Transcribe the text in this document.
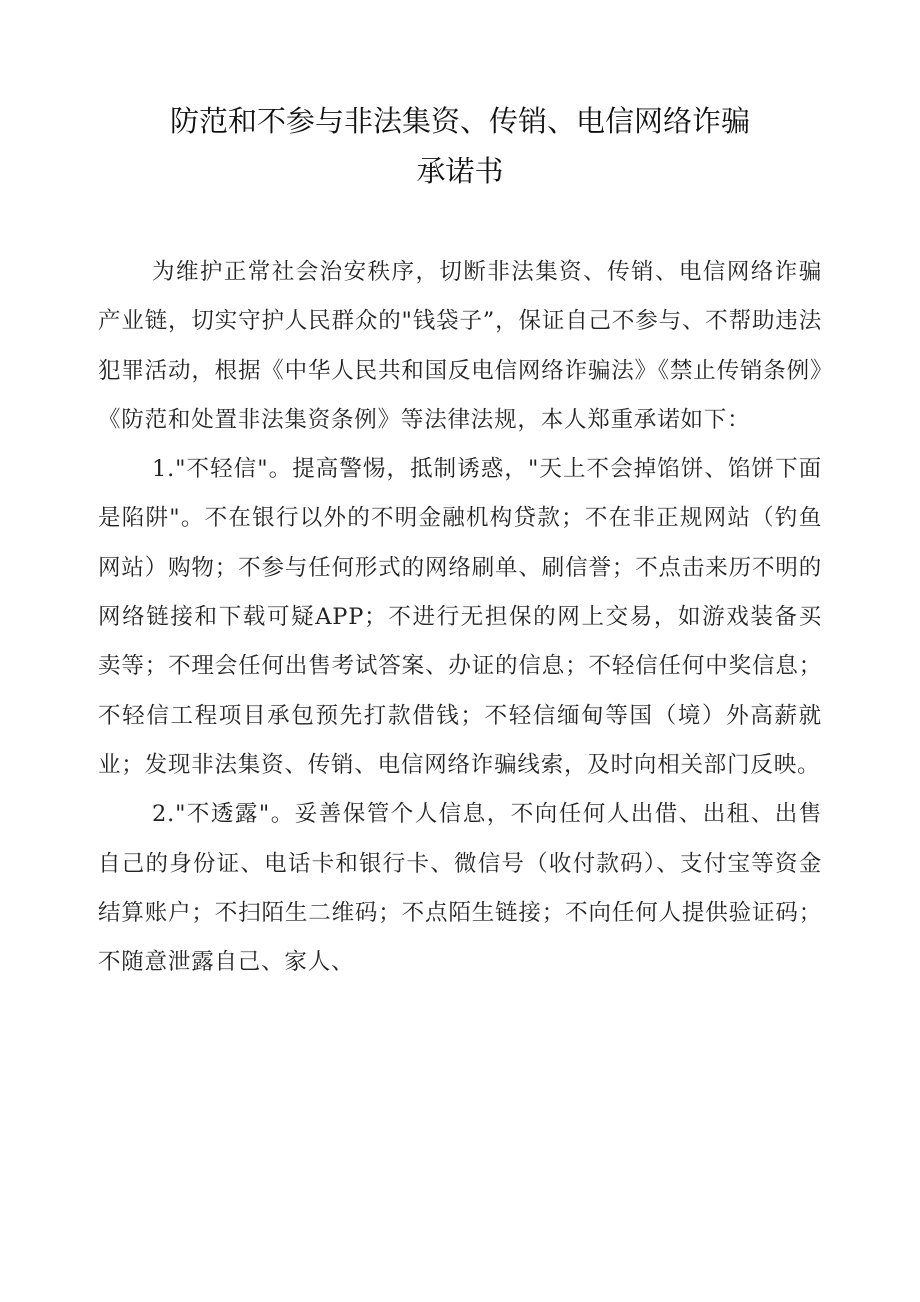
防范和不参与非法集资、传销、电信网络诈骗
承诺书

为维护正常社会治安秩序，切断非法集资、传销、电信网络诈骗产业链，切实守护人民群众的"钱袋子”，保证自己不参与、不帮助违法犯罪活动，根据《中华人民共和国反电信网络诈骗法》《禁止传销条例》《防范和处置非法集资条例》等法律法规，本人郑重承诺如下：

1."不轻信"。提高警惕，抵制诱惑，"天上不会掉馅饼、馅饼下面是陷阱"。不在银行以外的不明金融机构贷款；不在非正规网站（钓鱼网站）购物；不参与任何形式的网络刷单、刷信誉；不点击来历不明的网络链接和下载可疑APP；不进行无担保的网上交易，如游戏装备买卖等；不理会任何出售考试答案、办证的信息；不轻信任何中奖信息；不轻信工程项目承包预先打款借钱；不轻信缅甸等国（境）外高薪就业；发现非法集资、传销、电信网络诈骗线索，及时向相关部门反映。

2."不透露"。妥善保管个人信息，不向任何人出借、出租、出售自己的身份证、电话卡和银行卡、微信号（收付款码）、支付宝等资金结算账户；不扫陌生二维码；不点陌生链接；不向任何人提供验证码；不随意泄露自己、家人、
